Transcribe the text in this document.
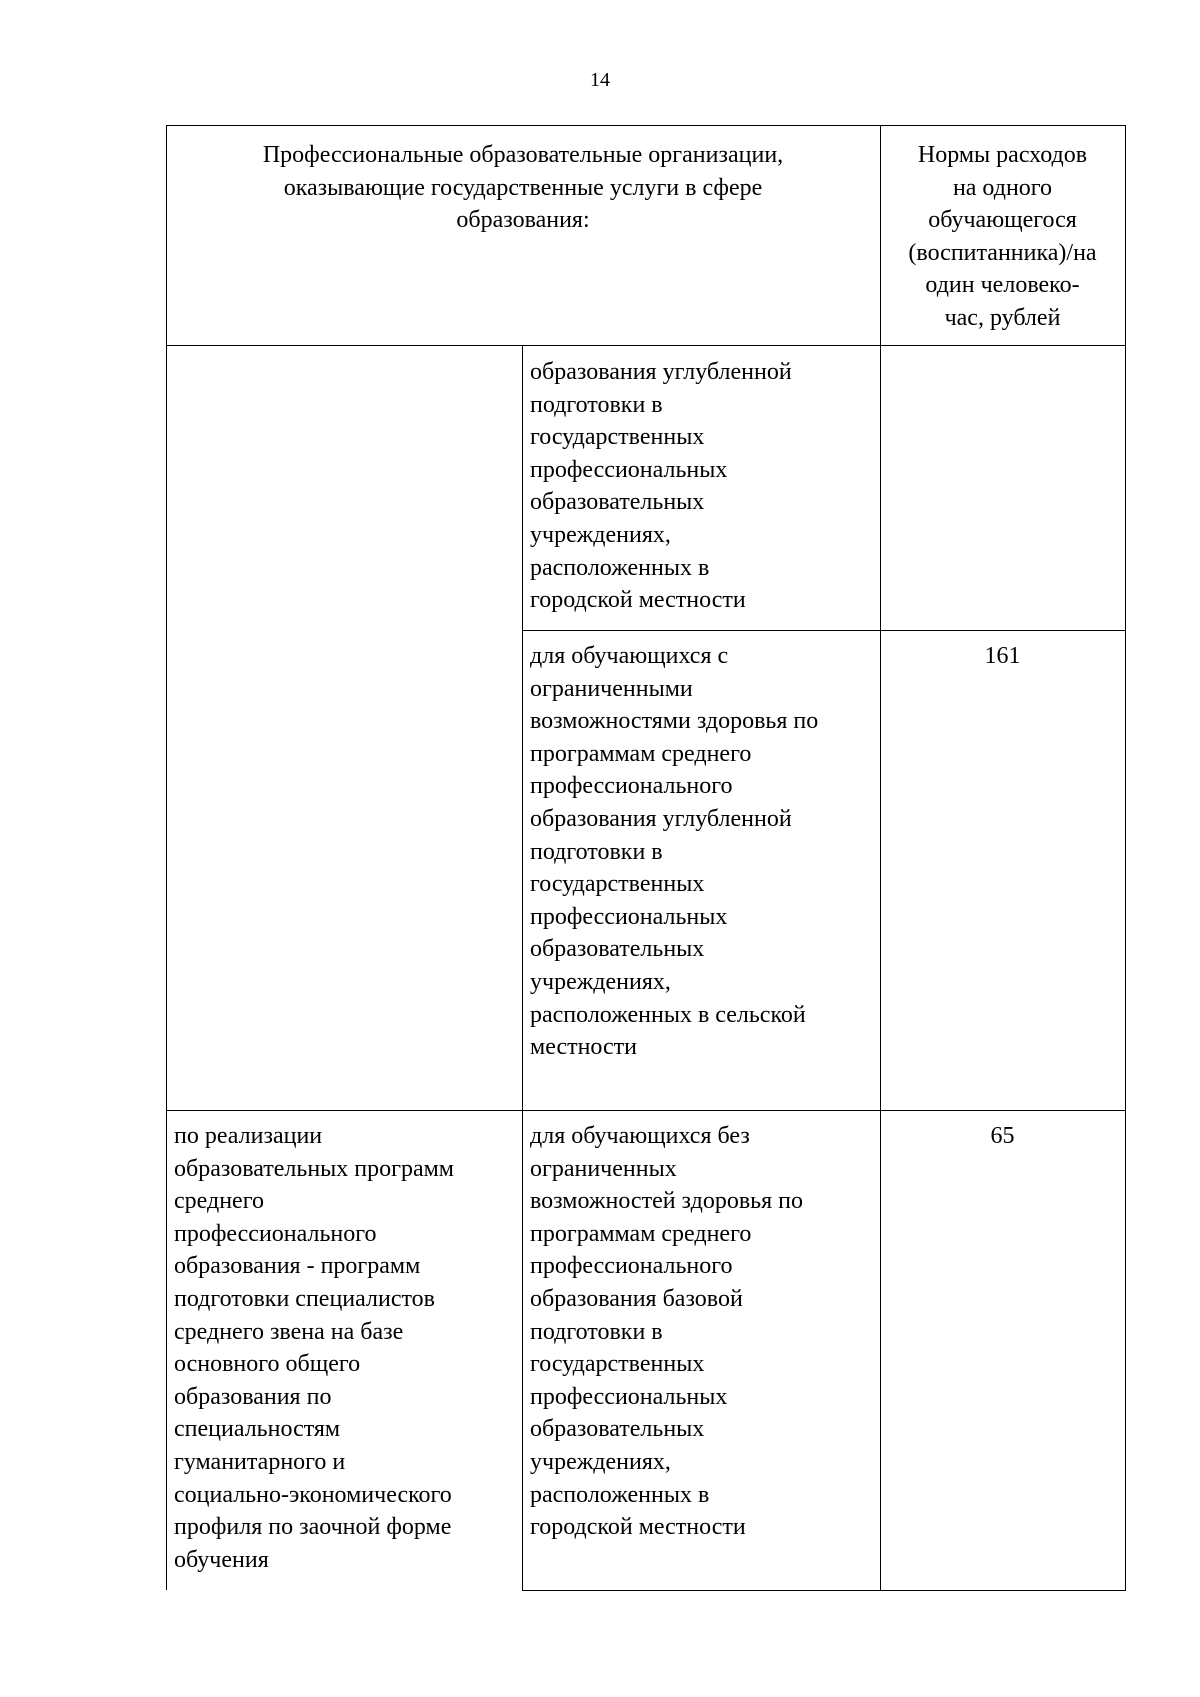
14
Профессиональные образовательные организации,
оказывающие государственные услуги в сфере
образования:
Нормы расходов
на одного
обучающегося
(воспитанника)/на
один человеко-
час, рублей
образования углубленной
подготовки в
государственных
профессиональных
образовательных
учреждениях,
расположенных в
городской местности
для обучающихся с
ограниченными
возможностями здоровья по
программам среднего
профессионального
образования углубленной
подготовки в
государственных
профессиональных
образовательных
учреждениях,
расположенных в сельской
местности
161
по реализации
образовательных программ
среднего
профессионального
образования - программ
подготовки специалистов
среднего звена на базе
основного общего
образования по
специальностям
гуманитарного и
социально-экономического
профиля по заочной форме
обучения
для обучающихся без
ограниченных
возможностей здоровья по
программам среднего
профессионального
образования базовой
подготовки в
государственных
профессиональных
образовательных
учреждениях,
расположенных в
городской местности
65
